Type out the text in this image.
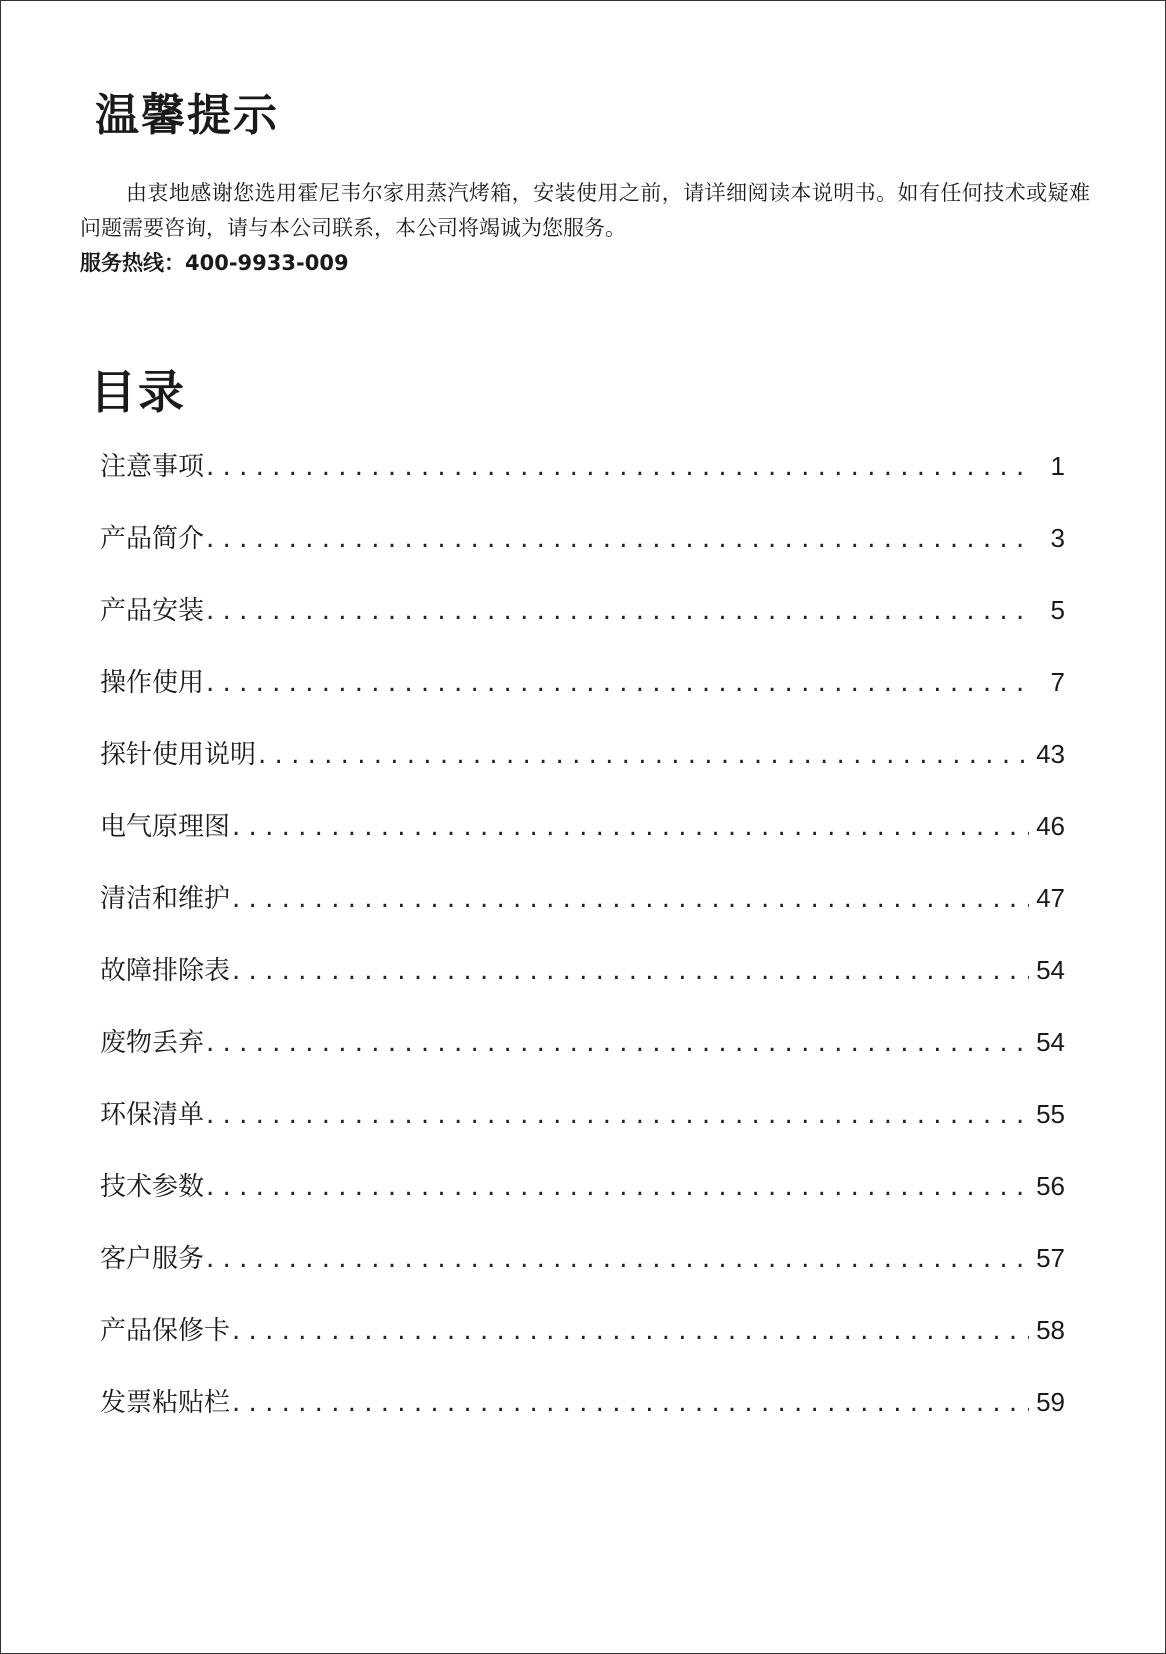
温馨提示

由衷地感谢您选用霍尼韦尔家用蒸汽烤箱，安装使用之前，请详细阅读本说明书。如有任何技术或疑难问题需要咨询，请与本公司联系，本公司将竭诚为您服务。

服务热线：400-9933-009
目录
注意事项 . . .	1
产品简介 . . .	3
产品安装 . . .	5
操作使用 . . .	7
探针使用说明 . . .	43
电气原理图 . . .	46
清洁和维护 . . .	47
故障排除表 . . .	54
废物丢弃 . . .	54
环保清单 . . .	55
技术参数 . . .	56
客户服务 . . .	57
产品保修卡 . . .	58
发票粘贴栏 . . .	59
